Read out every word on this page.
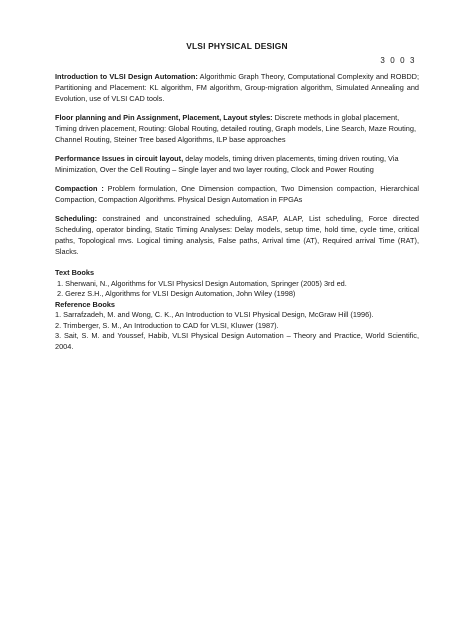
VLSI PHYSICAL DESIGN
3 0 0 3

Introduction to VLSI Design Automation: Algorithmic Graph Theory, Computational Complexity and ROBDD; Partitioning and Placement: KL algorithm, FM algorithm, Group-migration algorithm, Simulated Annealing and Evolution, use of VLSI CAD tools.

Floor planning and Pin Assignment, Placement, Layout styles: Discrete methods in global placement, Timing driven placement, Routing: Global Routing, detailed routing, Graph models, Line Search, Maze Routing, Channel Routing, Steiner Tree based Algorithms, ILP base approaches

Performance Issues in circuit layout, delay models, timing driven placements, timing driven routing, Via Minimization, Over the Cell Routing – Single layer and two layer routing, Clock and Power Routing

Compaction : Problem formulation, One Dimension compaction, Two Dimension compaction, Hierarchical Compaction, Compaction Algorithms. Physical Design Automation in FPGAs

Scheduling: constrained and unconstrained scheduling, ASAP, ALAP, List scheduling, Force directed Scheduling, operator binding, Static Timing Analyses: Delay models, setup time, hold time, cycle time, critical paths, Topological mvs. Logical timing analysis, False paths, Arrival time (AT), Required arrival Time (RAT), Slacks.

Text Books
1. Sherwani, N., Algorithms for VLSI Physicsl Design Automation, Springer (2005) 3rd ed.
2. Gerez S.H., Algorithms for VLSI Design Automation, John Wiley (1998)
Reference Books
1. Sarrafzadeh, M. and Wong, C. K., An Introduction to VLSI Physical Design, McGraw Hill (1996).
2. Trimberger, S. M., An Introduction to CAD for VLSI, Kluwer (1987).
3. Sait, S. M. and Youssef, Habib, VLSI Physical Design Automation – Theory and Practice, World Scientific, 2004.
